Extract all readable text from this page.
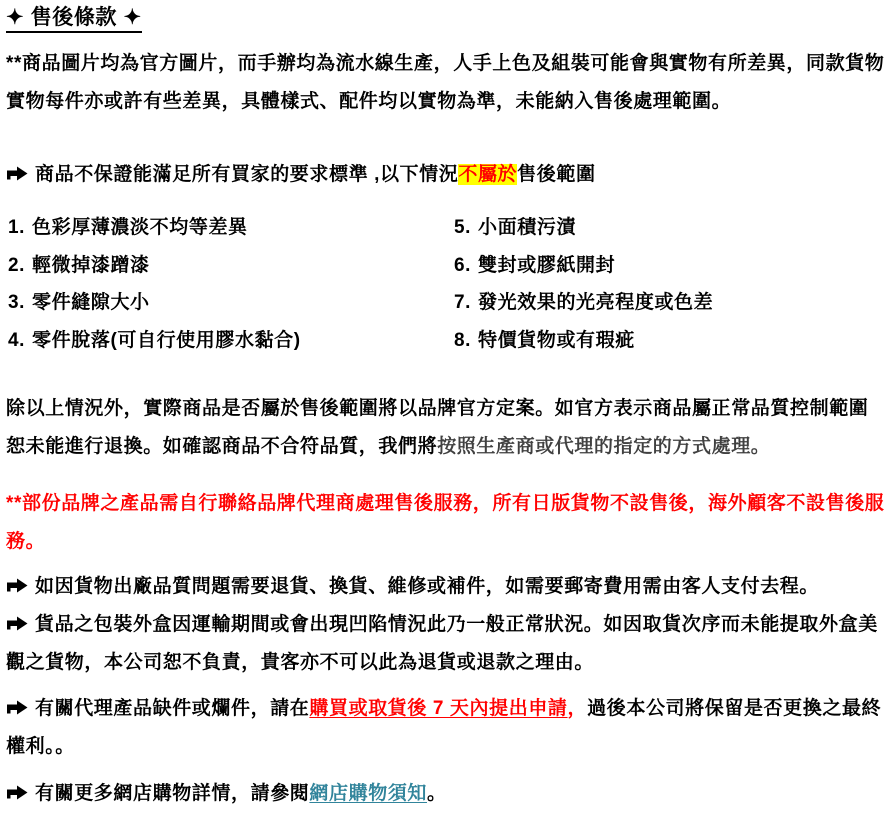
✦ 售後條款 ✦

**商品圖片均為官方圖片，而手辦均為流水線生產，人手上色及組裝可能會與實物有所差異，同款貨物實物每件亦或許有些差異，具體樣式、配件均以實物為準，未能納入售後處理範圍。

商品不保證能滿足所有買家的要求標準 ,以下情況不屬於售後範圍

1. 色彩厚薄濃淡不均等差異
2. 輕微掉漆蹭漆
3. 零件縫隙大小
4. 零件脫落(可自行使用膠水黏合)
5. 小面積污漬
6. 雙封或膠紙開封
7. 發光效果的光亮程度或色差
8. 特價貨物或有瑕疵

除以上情況外，實際商品是否屬於售後範圍將以品牌官方定案。如官方表示商品屬正常品質控制範圍恕未能進行退換。如確認商品不合符品質，我們將按照生產商或代理的指定的方式處理。

**部份品牌之產品需自行聯絡品牌代理商處理售後服務，所有日版貨物不設售後，海外顧客不設售後服務。

如因貨物出廠品質問題需要退貨、換貨、維修或補件，如需要郵寄費用需由客人支付去程。

貨品之包裝外盒因運輸期間或會出現凹陷情況此乃一般正常狀況。如因取貨次序而未能提取外盒美觀之貨物，本公司恕不負責，貴客亦不可以此為退貨或退款之理由。

有關代理產品缺件或爛件，請在購買或取貨後 7 天內提出申請，過後本公司將保留是否更換之最終權利。。

有關更多網店購物詳情，請參閱網店購物須知。
